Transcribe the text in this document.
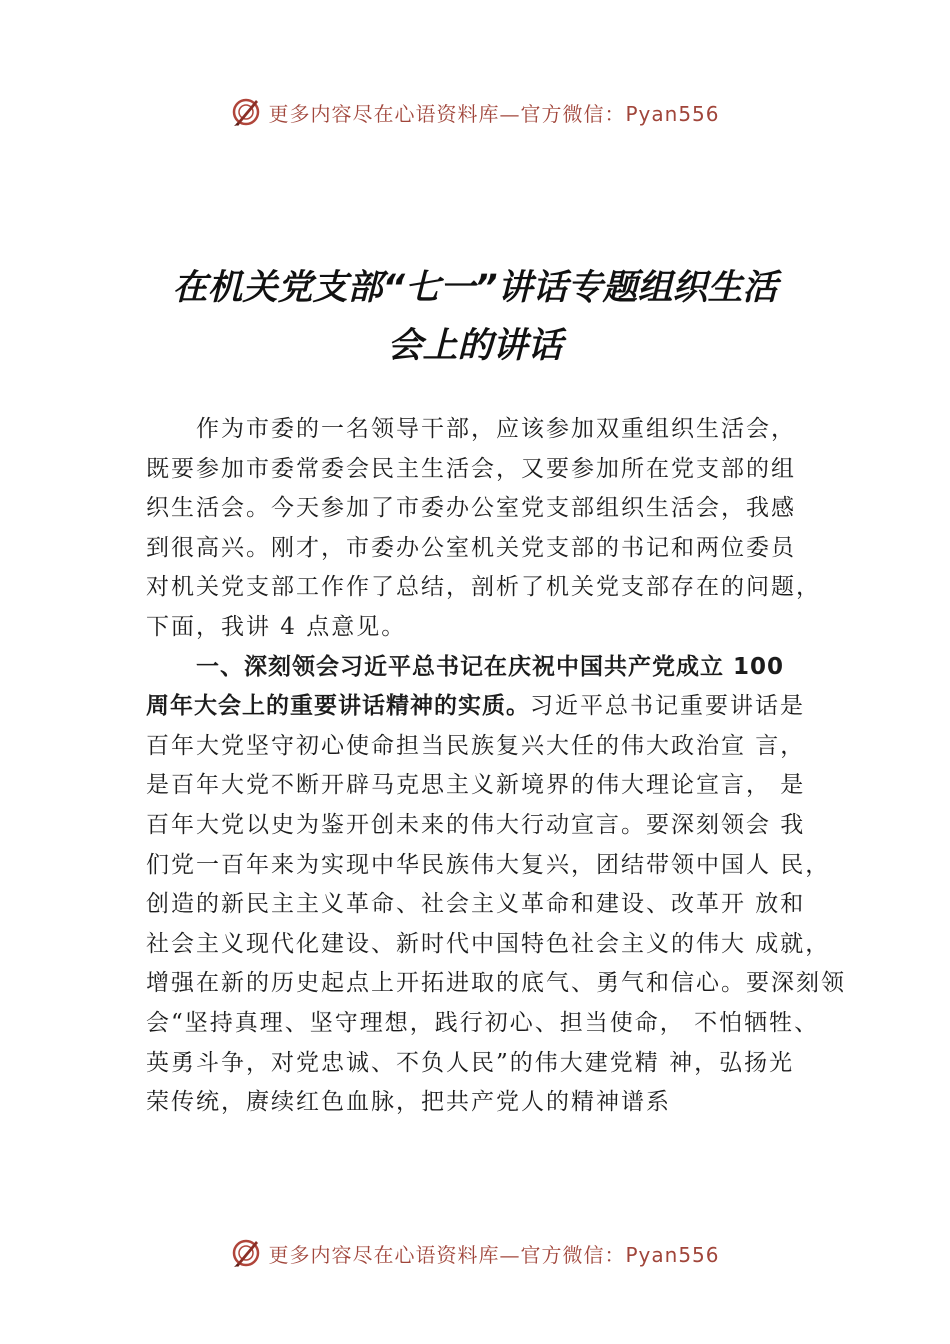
更多内容尽在心语资料库—官方微信：Pyan556
在机关党支部“七一”讲话专题组织生活
会上的讲话
作为市委的一名领导干部，应该参加双重组织生活会，
既要参加市委常委会民主生活会，又要参加所在党支部的组
织生活会。今天参加了市委办公室党支部组织生活会，我感
到很高兴。刚才，市委办公室机关党支部的书记和两位委员
对机关党支部工作作了总结，剖析了机关党支部存在的问题，
下面，我讲 4 点意见。
一、深刻领会习近平总书记在庆祝中国共产党成立 100
周年大会上的重要讲话精神的实质。习近平总书记重要讲话是
百年大党坚守初心使命担当民族复兴大任的伟大政治宣 言，
是百年大党不断开辟马克思主义新境界的伟大理论宣言， 是
百年大党以史为鉴开创未来的伟大行动宣言。要深刻领会 我
们党一百年来为实现中华民族伟大复兴，团结带领中国人 民，
创造的新民主主义革命、社会主义革命和建设、改革开 放和
社会主义现代化建设、新时代中国特色社会主义的伟大 成就，
增强在新的历史起点上开拓进取的底气、勇气和信心。要深刻领
会“坚持真理、坚守理想，践行初心、担当使命， 不怕牺牲、
英勇斗争，对党忠诚、不负人民”的伟大建党精 神，弘扬光
荣传统，赓续红色血脉，把共产党人的精神谱系
更多内容尽在心语资料库—官方微信：Pyan556
